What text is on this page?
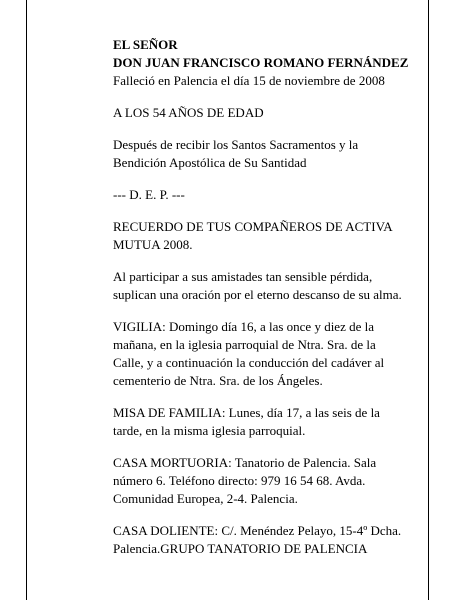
EL SEÑOR
DON JUAN FRANCISCO ROMANO FERNÁNDEZ
Falleció en Palencia el día 15 de noviembre de 2008
A LOS 54 AÑOS DE EDAD
Después de recibir los Santos Sacramentos y la
Bendición Apostólica de Su Santidad
--- D. E. P. ---
RECUERDO DE TUS COMPAÑEROS DE ACTIVA
MUTUA 2008.
Al participar a sus amistades tan sensible pérdida,
suplican una oración por el eterno descanso de su alma.
VIGILIA: Domingo día 16, a las once y diez de la
mañana, en la iglesia parroquial de Ntra. Sra. de la
Calle, y a continuación la conducción del cadáver al
cementerio de Ntra. Sra. de los Ángeles.
MISA DE FAMILIA: Lunes, día 17, a las seis de la
tarde, en la misma iglesia parroquial.
CASA MORTUORIA: Tanatorio de Palencia. Sala
número 6. Teléfono directo: 979 16 54 68. Avda.
Comunidad Europea, 2-4. Palencia.
CASA DOLIENTE: C/. Menéndez Pelayo, 15-4º Dcha.
Palencia.GRUPO TANATORIO DE PALENCIA
